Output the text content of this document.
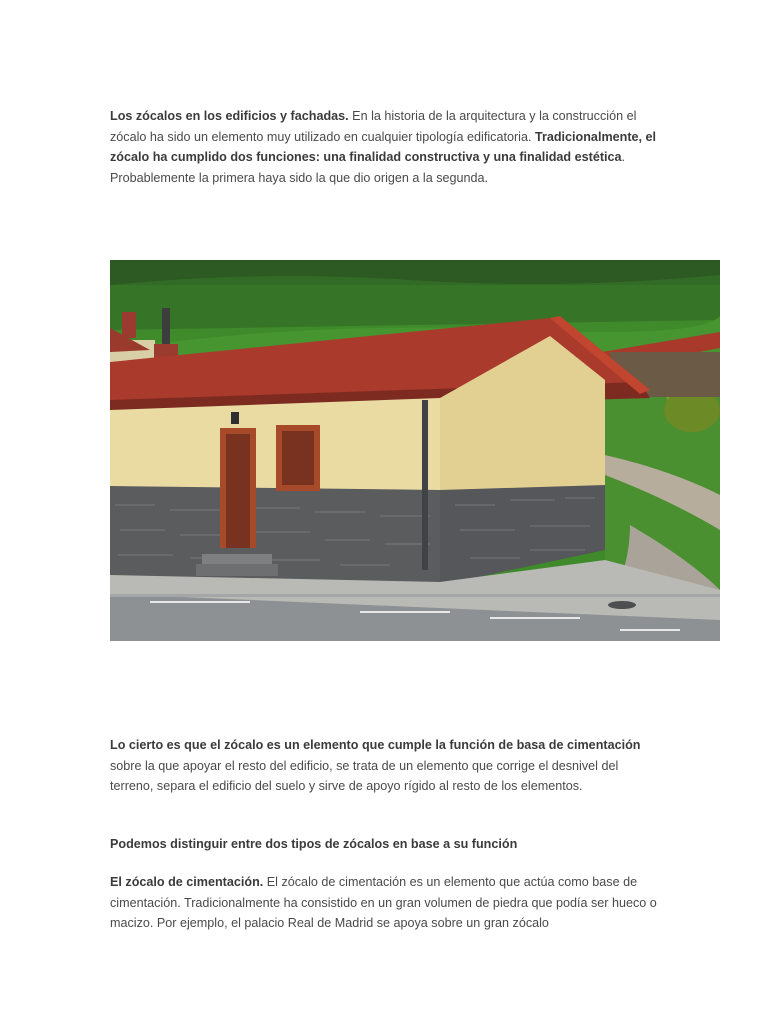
Los zócalos en los edificios y fachadas. En la historia de la arquitectura y la construcción el zócalo ha sido un elemento muy utilizado en cualquier tipología edificatoria. Tradicionalmente, el zócalo ha cumplido dos funciones: una finalidad constructiva y una finalidad estética. Probablemente la primera haya sido la que dio origen a la segunda.

Lo cierto es que el zócalo es un elemento que cumple la función de basa de cimentación sobre la que apoyar el resto del edificio, se trata de un elemento que corrige el desnivel del terreno, separa el edificio del suelo y sirve de apoyo rígido al resto de los elementos.

Podemos distinguir entre dos tipos de zócalos en base a su función

El zócalo de cimentación. El zócalo de cimentación es un elemento que actúa como base de cimentación. Tradicionalmente ha consistido en un gran volumen de piedra que podía ser hueco o macizo. Por ejemplo, el palacio Real de Madrid se apoya sobre un gran zócalo
